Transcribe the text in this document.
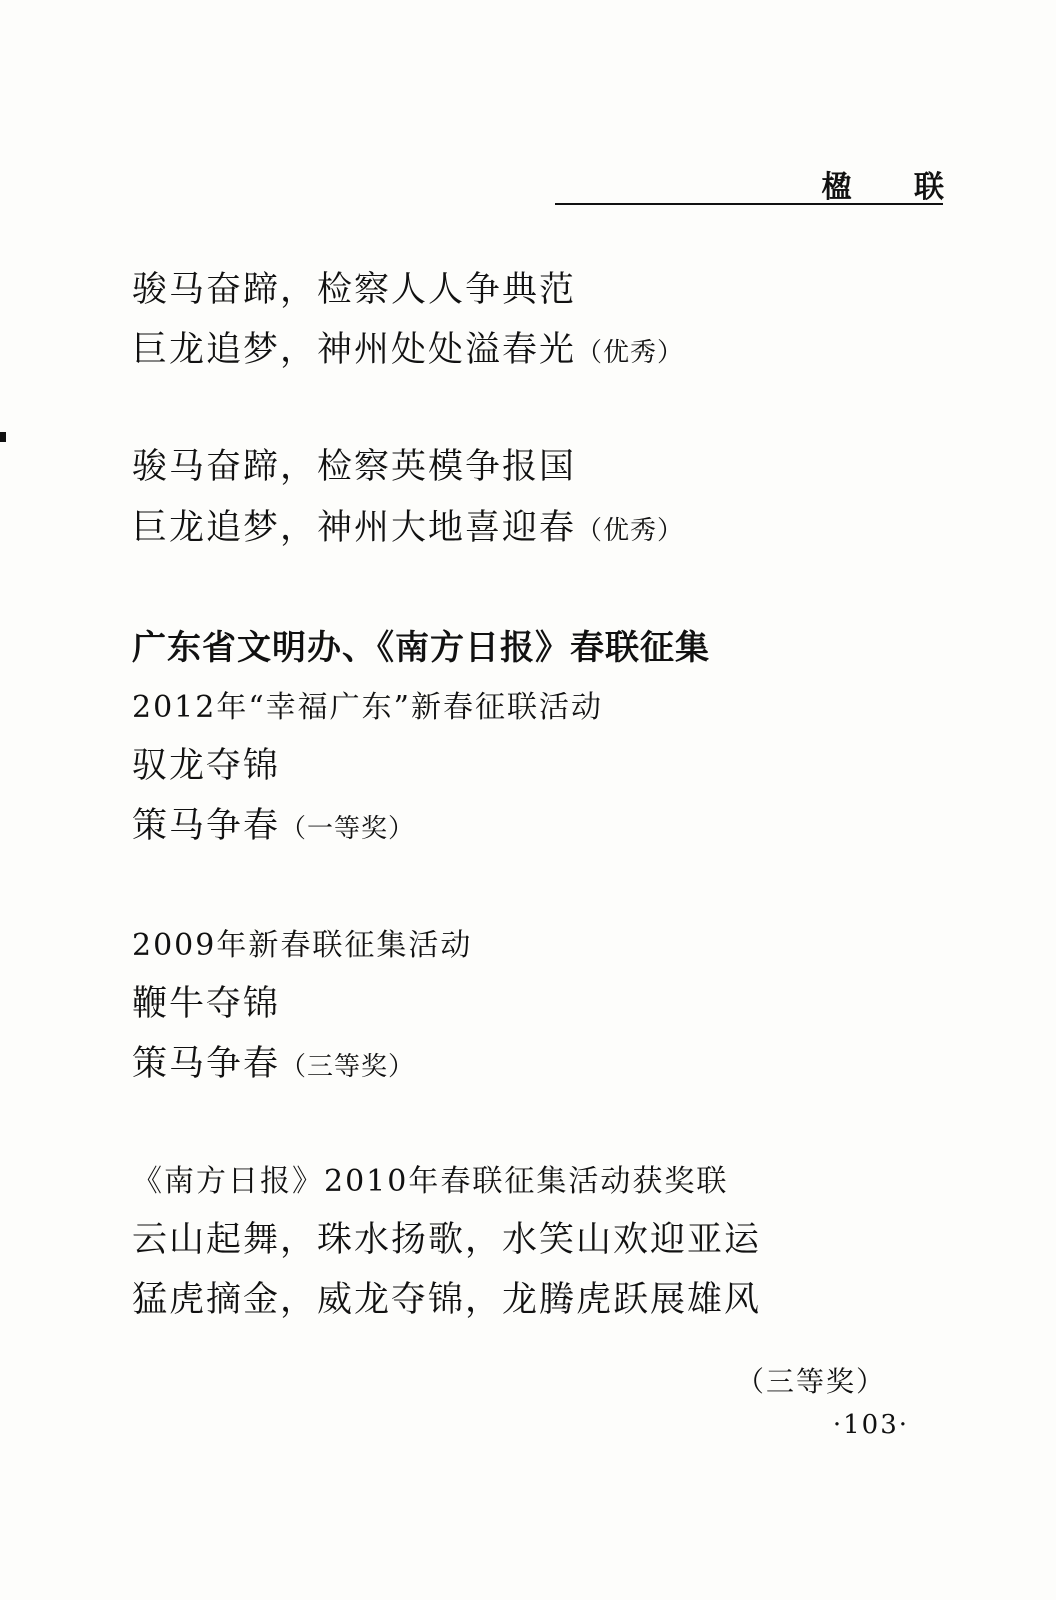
楹 联
骏马奋蹄，检察人人争典范
巨龙追梦，神州处处溢春光（优秀）
骏马奋蹄，检察英模争报国
巨龙追梦，神州大地喜迎春（优秀）
广东省文明办、《南方日报》春联征集
2012年“幸福广东”新春征联活动
驭龙夺锦
策马争春（一等奖）
2009年新春联征集活动
鞭牛夺锦
策马争春（三等奖）
《南方日报》2010年春联征集活动获奖联
云山起舞，珠水扬歌，水笑山欢迎亚运
猛虎摘金，威龙夺锦，龙腾虎跃展雄风
（三等奖）
·103·
